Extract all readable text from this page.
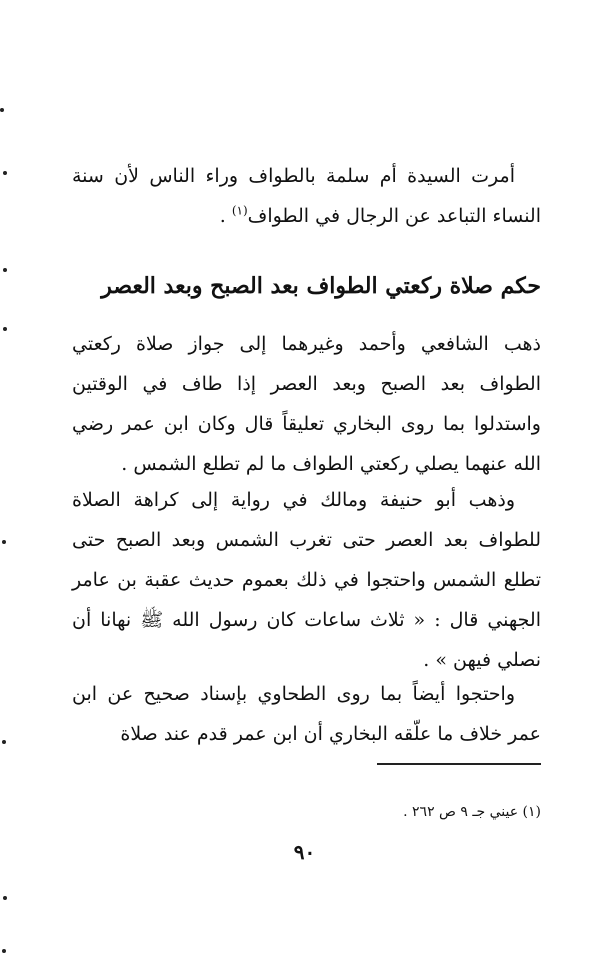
أمرت السيدة أم سلمة بالطواف وراء الناس لأن سنة النساء التباعد عن الرجال في الطواف$^{(١)}$ .

حكم صلاة ركعتي الطواف بعد الصبح وبعد العصر

ذهب الشافعي وأحمد وغيرهما إلى جواز صلاة ركعتي الطواف بعد الصبح وبعد العصر إذا طاف في الوقتين واستدلوا بما روى البخاري تعليقاً قال وكان ابن عمر رضي الله عنهما يصلي ركعتي الطواف ما لم تطلع الشمس .

وذهب أبو حنيفة ومالك في رواية إلى كراهة الصلاة للطواف بعد العصر حتى تغرب الشمس وبعد الصبح حتى تطلع الشمس واحتجوا في ذلك بعموم حديث عقبة بن عامر الجهني قال : « ثلاث ساعات كان رسول الله ﷺ نهانا أن نصلي فيهن » .

واحتجوا أيضاً بما روى الطحاوي بإسناد صحيح عن ابن عمر خلاف ما علّقه البخاري أن ابن عمر قدم عند صلاة

(١) عيني جـ ٩ ص ٢٦٢ .

٩٠
